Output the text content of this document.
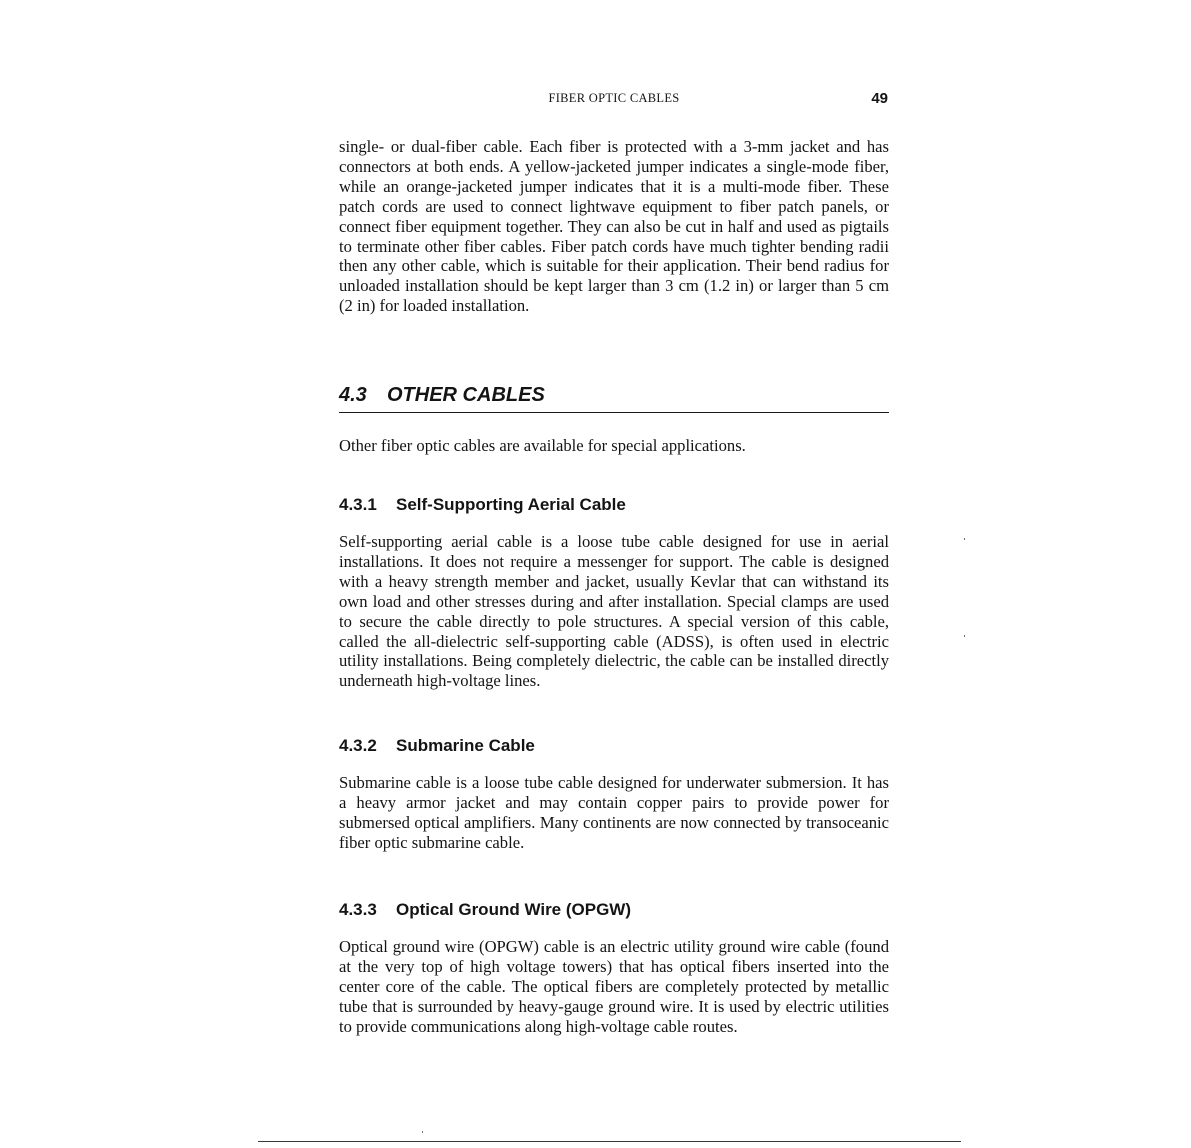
FIBER OPTIC CABLES	49

single- or dual-fiber cable. Each fiber is protected with a 3-mm jacket and has connectors at both ends. A yellow-jacketed jumper indicates a single-mode fiber, while an orange-jacketed jumper indicates that it is a multi-mode fiber. These patch cords are used to connect lightwave equipment to fiber patch panels, or connect fiber equipment together. They can also be cut in half and used as pigtails to terminate other fiber cables. Fiber patch cords have much tighter bending radii then any other cable, which is suitable for their application. Their bend radius for unloaded installation should be kept larger than 3 cm (1.2 in) or larger than 5 cm (2 in) for loaded installation.

4.3 OTHER CABLES

Other fiber optic cables are available for special applications.

4.3.1 Self-Supporting Aerial Cable

Self-supporting aerial cable is a loose tube cable designed for use in aerial installations. It does not require a messenger for support. The cable is designed with a heavy strength member and jacket, usually Kevlar that can withstand its own load and other stresses during and after installation. Special clamps are used to secure the cable directly to pole structures. A special version of this cable, called the all-dielectric self-supporting cable (ADSS), is often used in electric utility installations. Being completely dielectric, the cable can be installed directly underneath high-voltage lines.

4.3.2 Submarine Cable

Submarine cable is a loose tube cable designed for underwater submersion. It has a heavy armor jacket and may contain copper pairs to provide power for submersed optical amplifiers. Many continents are now connected by transoceanic fiber optic submarine cable.

4.3.3 Optical Ground Wire (OPGW)

Optical ground wire (OPGW) cable is an electric utility ground wire cable (found at the very top of high voltage towers) that has optical fibers inserted into the center core of the cable. The optical fibers are completely protected by metallic tube that is surrounded by heavy-gauge ground wire. It is used by electric utilities to provide communications along high-voltage cable routes.
